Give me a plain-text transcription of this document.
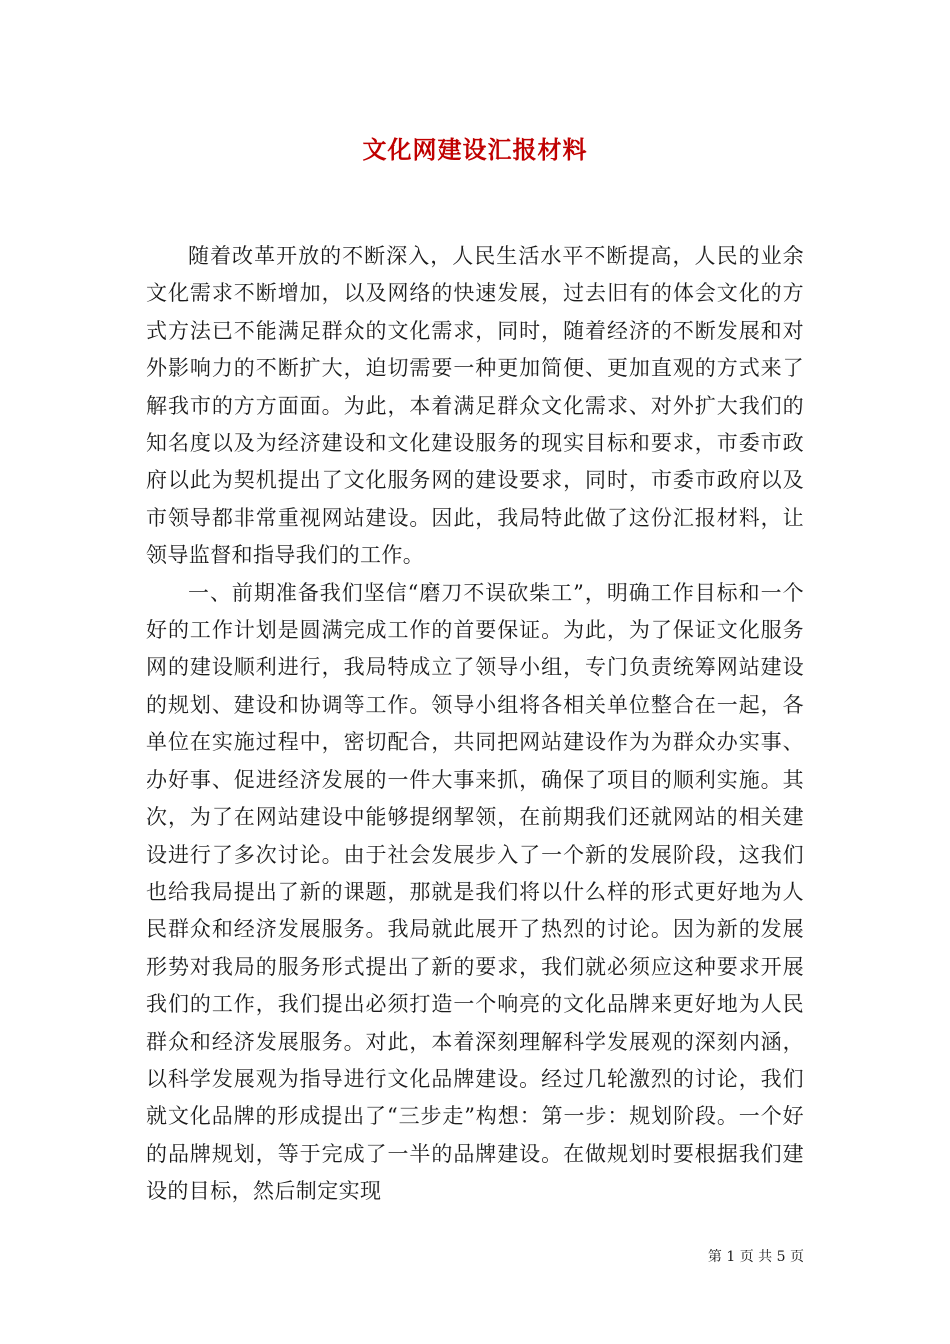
文化网建设汇报材料

随着改革开放的不断深入，人民生活水平不断提高，人民的业余文化需求不断增加，以及网络的快速发展，过去旧有的体会文化的方式方法已不能满足群众的文化需求，同时，随着经济的不断发展和对外影响力的不断扩大，迫切需要一种更加简便、更加直观的方式来了解我市的方方面面。为此，本着满足群众文化需求、对外扩大我们的知名度以及为经济建设和文化建设服务的现实目标和要求，市委市政府以此为契机提出了文化服务网的建设要求，同时，市委市政府以及市领导都非常重视网站建设。因此，我局特此做了这份汇报材料，让领导监督和指导我们的工作。

一、前期准备我们坚信“磨刀不误砍柴工”，明确工作目标和一个好的工作计划是圆满完成工作的首要保证。为此，为了保证文化服务网的建设顺利进行，我局特成立了领导小组，专门负责统筹网站建设的规划、建设和协调等工作。领导小组将各相关单位整合在一起，各单位在实施过程中，密切配合，共同把网站建设作为为群众办实事、办好事、促进经济发展的一件大事来抓，确保了项目的顺利实施。其次，为了在网站建设中能够提纲挈领，在前期我们还就网站的相关建设进行了多次讨论。由于社会发展步入了一个新的发展阶段，这我们也给我局提出了新的课题，那就是我们将以什么样的形式更好地为人民群众和经济发展服务。我局就此展开了热烈的讨论。因为新的发展形势对我局的服务形式提出了新的要求，我们就必须应这种要求开展我们的工作，我们提出必须打造一个响亮的文化品牌来更好地为人民群众和经济发展服务。对此，本着深刻理解科学发展观的深刻内涵，以科学发展观为指导进行文化品牌建设。经过几轮激烈的讨论，我们就文化品牌的形成提出了“三步走”构想：第一步：规划阶段。一个好的品牌规划，等于完成了一半的品牌建设。在做规划时要根据我们建设的目标，然后制定实现

第 1 页 共 5 页
